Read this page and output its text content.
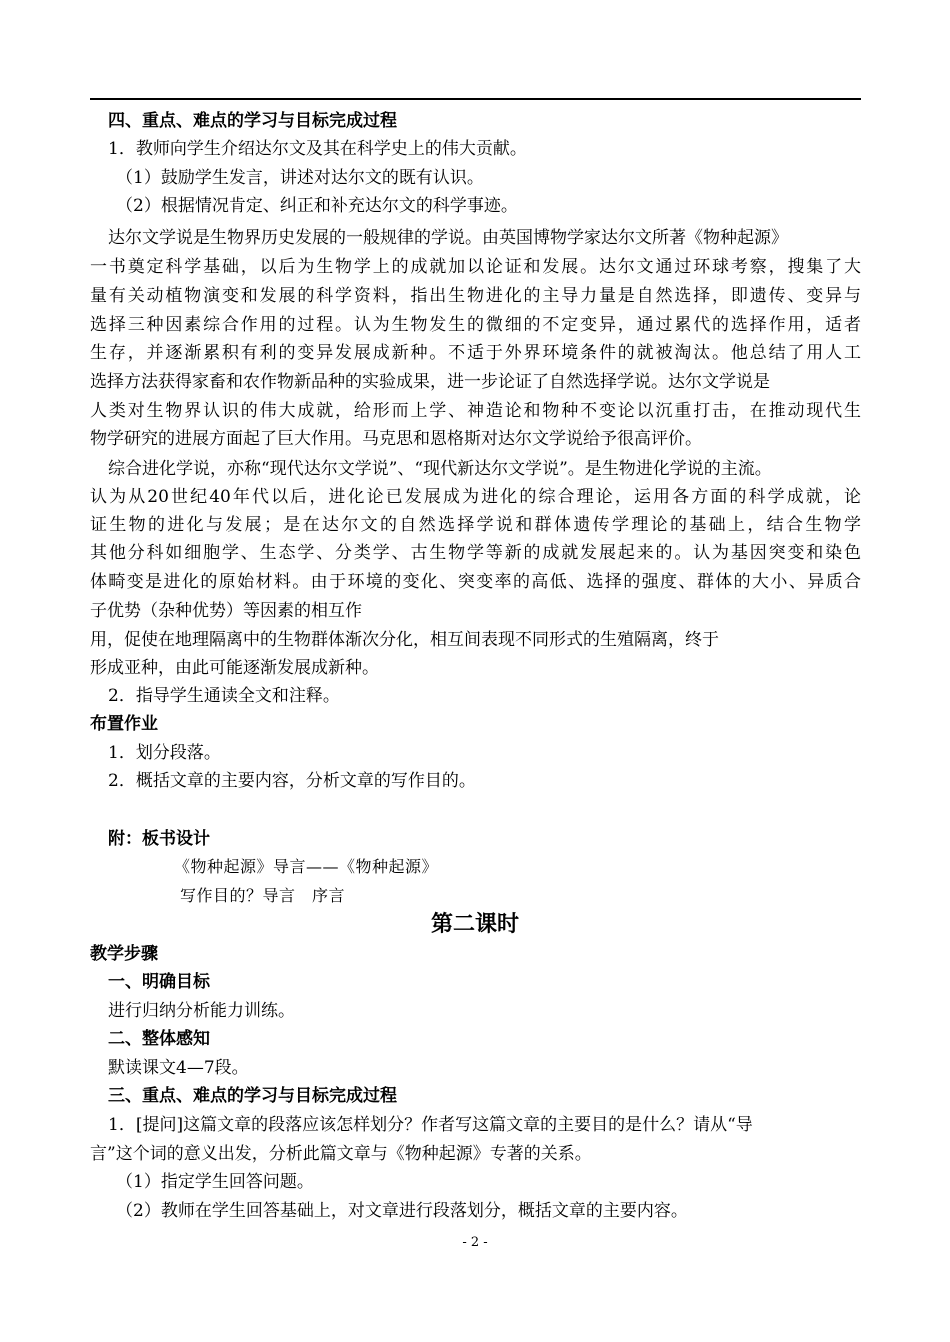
四、重点、难点的学习与目标完成过程
1．教师向学生介绍达尔文及其在科学史上的伟大贡献。
（1）鼓励学生发言，讲述对达尔文的既有认识。
（2）根据情况肯定、纠正和补充达尔文的科学事迹。
达尔文学说是生物界历史发展的一般规律的学说。由英国博物学家达尔文所著《物种起源》
一书奠定科学基础，以后为生物学上的成就加以论证和发展。达尔文通过环球考察，搜集了大
量有关动植物演变和发展的科学资料，指出生物进化的主导力量是自然选择，即遗传、变异与
选择三种因素综合作用的过程。认为生物发生的微细的不定变异，通过累代的选择作用，适者
生存，并逐渐累积有利的变异发展成新种。不适于外界环境条件的就被淘汰。他总结了用人工
选择方法获得家畜和农作物新品种的实验成果，进一步论证了自然选择学说。达尔文学说是
人类对生物界认识的伟大成就，给形而上学、神造论和物种不变论以沉重打击，在推动现代生
物学研究的进展方面起了巨大作用。马克思和恩格斯对达尔文学说给予很高评价。
综合进化学说，亦称“现代达尔文学说”、“现代新达尔文学说”。是生物进化学说的主流。
认为从20世纪40年代以后，进化论已发展成为进化的综合理论，运用各方面的科学成就，论
证生物的进化与发展；是在达尔文的自然选择学说和群体遗传学理论的基础上，结合生物学
其他分科如细胞学、生态学、分类学、古生物学等新的成就发展起来的。认为基因突变和染色
体畸变是进化的原始材料。由于环境的变化、突变率的高低、选择的强度、群体的大小、异质合
子优势（杂种优势）等因素的相互作
用，促使在地理隔离中的生物群体渐次分化，相互间表现不同形式的生殖隔离，终于
形成亚种，由此可能逐渐发展成新种。
2．指导学生通读全文和注释。
布置作业
1．划分段落。
2．概括文章的主要内容，分析文章的写作目的。
附：板书设计
《物种起源》导言——《物种起源》
写作目的？导言　序言
第二课时
教学步骤
一、明确目标
进行归纳分析能力训练。
二、整体感知
默读课文4—7段。
三、重点、难点的学习与目标完成过程
1．[提问]这篇文章的段落应该怎样划分？作者写这篇文章的主要目的是什么？请从“导
言”这个词的意义出发，分析此篇文章与《物种起源》专著的关系。
（1）指定学生回答问题。
（2）教师在学生回答基础上，对文章进行段落划分，概括文章的主要内容。
- 2 -
